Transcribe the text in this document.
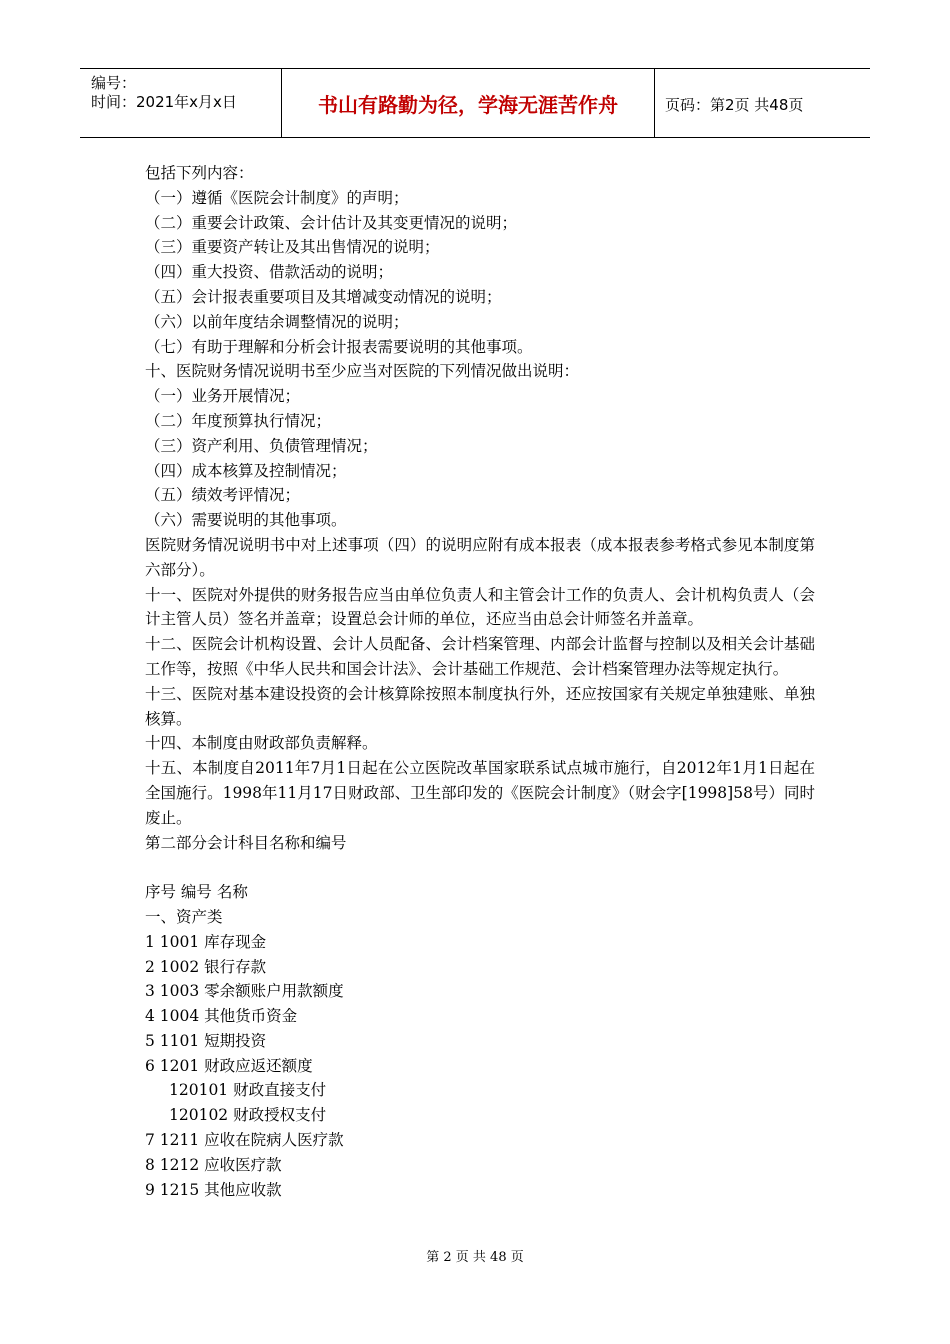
编号：
时间：2021年x月x日	书山有路勤为径，学海无涯苦作舟	页码：第2页 共48页

包括下列内容：

（一）遵循《医院会计制度》的声明；

（二）重要会计政策、会计估计及其变更情况的说明；

（三）重要资产转让及其出售情况的说明；

（四）重大投资、借款活动的说明；

（五）会计报表重要项目及其增减变动情况的说明；

（六）以前年度结余调整情况的说明；

（七）有助于理解和分析会计报表需要说明的其他事项。

十、医院财务情况说明书至少应当对医院的下列情况做出说明：

（一）业务开展情况；

（二）年度预算执行情况；

（三）资产利用、负债管理情况；

（四）成本核算及控制情况；

（五）绩效考评情况；

（六）需要说明的其他事项。

医院财务情况说明书中对上述事项（四）的说明应附有成本报表（成本报表参考格式参见本制度第六部分）。

十一、医院对外提供的财务报告应当由单位负责人和主管会计工作的负责人、会计机构负责人（会计主管人员）签名并盖章；设置总会计师的单位，还应当由总会计师签名并盖章。

十二、医院会计机构设置、会计人员配备、会计档案管理、内部会计监督与控制以及相关会计基础工作等，按照《中华人民共和国会计法》、会计基础工作规范、会计档案管理办法等规定执行。

十三、医院对基本建设投资的会计核算除按照本制度执行外，还应按国家有关规定单独建账、单独核算。

十四、本制度由财政部负责解释。

十五、本制度自2011年7月1日起在公立医院改革国家联系试点城市施行，自2012年1月1日起在全国施行。1998年11月17日财政部、卫生部印发的《医院会计制度》（财会字[1998]58号）同时废止。

第二部分会计科目名称和编号

序号 编号 名称

一、资产类

1 1001 库存现金

2 1002 银行存款

3 1003 零余额账户用款额度

4 1004 其他货币资金

5 1101 短期投资

6 1201 财政应返还额度

120101 财政直接支付

120102 财政授权支付

7 1211 应收在院病人医疗款

8 1212 应收医疗款

9 1215 其他应收款

第 2 页 共 48 页
